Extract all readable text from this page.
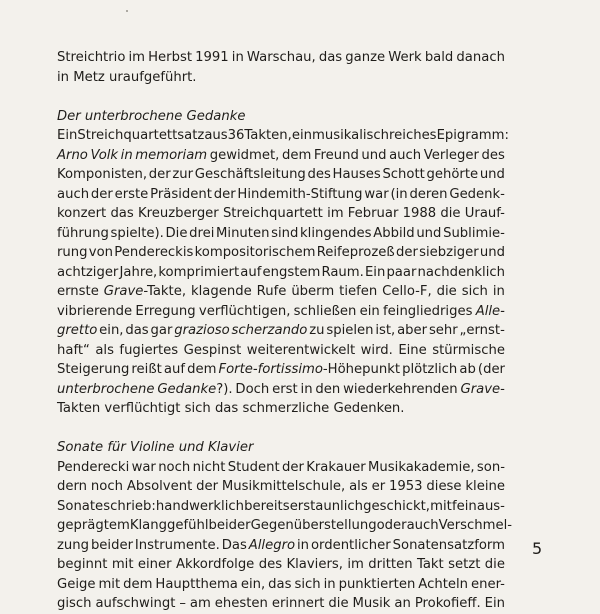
Streichtrio im Herbst 1991 in Warschau, das ganze Werk bald danach
in Metz uraufgeführt.
Der unterbrochene Gedanke
Ein Streichquartettsatz aus 36 Takten, ein musikalisch reiches Epigramm:
Arno Volk in memoriam gewidmet, dem Freund und auch Verleger des
Komponisten, der zur Geschäftsleitung des Hauses Schott gehörte und
auch der erste Präsident der Hindemith-Stiftung war (in deren Gedenk-
konzert das Kreuzberger Streichquartett im Februar 1988 die Urauf-
führung spielte). Die drei Minuten sind klingendes Abbild und Sublimie-
rung von Pendereckis kompositorischem Reifeprozeß der siebziger und
achtziger Jahre, komprimiert auf engstem Raum. Ein paar nachdenklich
ernste Grave-Takte, klagende Rufe überm tiefen Cello-F, die sich in
vibrierende Erregung verflüchtigen, schließen ein feingliedriges Alle-
gretto ein, das gar grazioso scherzando zu spielen ist, aber sehr „ernst-
haft“ als fugiertes Gespinst weiterentwickelt wird. Eine stürmische
Steigerung reißt auf dem Forte-fortissimo-Höhepunkt plötzlich ab (der
unterbrochene Gedanke?). Doch erst in den wiederkehrenden Grave-
Takten verflüchtigt sich das schmerzliche Gedenken.
Sonate für Violine und Klavier
Penderecki war noch nicht Student der Krakauer Musikakademie, son-
dern noch Absolvent der Musikmittelschule, als er 1953 diese kleine
Sonate schrieb: handwerklich bereits erstaunlich geschickt, mit fein aus-
geprägtem Klanggefühl bei der Gegenüberstellung oder auch Verschmel-
zung beider Instrumente. Das Allegro in ordentlicher Sonatensatzform
beginnt mit einer Akkordfolge des Klaviers, im dritten Takt setzt die
Geige mit dem Hauptthema ein, das sich in punktierten Achteln ener-
gisch aufschwingt – am ehesten erinnert die Musik an Prokofieff. Ein
5
